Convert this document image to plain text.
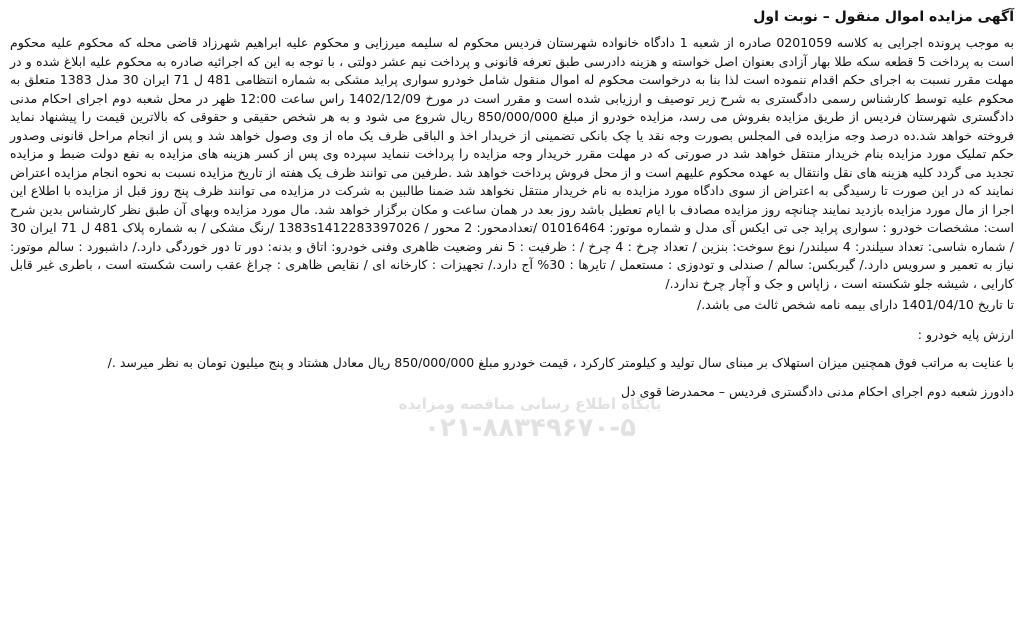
آگهی مزایده اموال منقول – نوبت اول

به موجب پرونده اجرایی به کلاسه 0201059 صادره از شعبه 1 دادگاه خانواده شهرستان فردیس محکوم له سلیمه میرزایی و محکوم علیه ابراهیم شهرزاد قاضی محله که محکوم علیه محکوم است به پرداخت 5 قطعه سکه طلا بهار آزادی بعنوان اصل خواسته و هزینه دادرسی طبق تعرفه قانونی و پرداخت نیم عشر دولتی ، با توجه به این که اجرائیه صادره به محکوم علیه ابلاغ شده و در مهلت مقرر نسبت به اجرای حکم اقدام ننموده است لذا بنا به درخواست محکوم له اموال منقول شامل خودرو سواری پراید مشکی به شماره انتظامی 481 ل 71 ایران 30 مدل 1383 متعلق به محکوم علیه توسط کارشناس رسمی دادگستری به شرح زیر توصیف و ارزیابی شده است و مقرر است در مورخ 1402/12/09 راس ساعت 12:00 ظهر در محل شعبه دوم اجرای احکام مدنی دادگستری شهرستان فردیس از طریق مزایده بفروش می رسد، مزایده خودرو از مبلغ 850/000/000 ریال شروع می شود و به هر شخص حقیقی و حقوقی که بالاترین قیمت را پیشنهاد نماید فروخته خواهد شد.ده درصد وجه مزایده فی المجلس بصورت وجه نقد یا چک بانکی تضمینی از خریدار اخذ و الباقی ظرف یک ماه از وی وصول خواهد شد و پس از انجام مراحل قانونی وصدور حکم تملیک مورد مزایده بنام خریدار منتقل خواهد شد در صورتی که در مهلت مقرر خریدار وجه مزایده را پرداخت ننماید سپرده وی پس از کسر هزینه های مزایده به نفع دولت ضبط و مزایده تجدید می گردد کلیه هزینه های نقل وانتقال به عهده محکوم علیهم است و از محل فروش پرداخت خواهد شد .طرفین می توانند ظرف یک هفته از تاریخ مزایده نسبت به نحوه انجام مزایده اعتراض نمایند که در این صورت تا رسیدگی به اعتراض از سوی دادگاه مورد مزایده به نام خریدار منتقل نخواهد شد ضمنا طالبین به شرکت در مزایده می توانند ظرف پنج روز قبل از مزایده با اطلاع این اجرا از مال مورد مزایده بازدید نمایند چنانچه روز مزایده مصادف با ایام تعطیل باشد روز بعد در همان ساعت و مکان برگزار خواهد شد. مال مورد مزایده وبهای آن طبق نظر کارشناس بدین شرح است: مشخصات خودرو : سواری پراید جی تی ایکس آی مدل و شماره موتور: 01016464 /تعدادمحور: 2 محور / 1383s1412283397026 /رنگ مشکی / به شماره پلاک 481 ل 71 ایران 30 / شماره شاسی: تعداد سیلندر: 4 سیلندر/ نوع سوخت: بنزین / تعداد چرخ : 4 چرخ / : ظرفیت : 5 نفر وضعیت ظاهری وفنی خودرو: اتاق و بدنه: دور تا دور خوردگی دارد./ داشبورد : سالم موتور: نیاز به تعمیر و سرویس دارد./ گیربکس: سالم / صندلی و تودوزی : مستعمل / تایرها : 30% آج دارد./ تجهیزات : کارخانه ای / نقایص ظاهری : چراغ عقب راست شکسته است ، باطری غیر قابل کارایی ، شیشه جلو شکسته است ، زاپاس و جک و آچار چرخ ندارد./

تا تاریخ 1401/04/10 دارای بیمه نامه شخص ثالث می باشد./
ارزش پایه خودرو :

با عنایت به مراتب فوق همچنین میزان استهلاک بر مبنای سال تولید و کیلومتر کارکرد ، قیمت خودرو مبلغ 850/000/000 ریال معادل هشتاد و پنج میلیون تومان به نظر میرسد ./

دادورز شعبه دوم اجرای احکام مدنی دادگستری فردیس – محمدرضا قوی دل
پایگاه اطلاع رسانی مناقصه ومزایده
۰۲۱-۸۸۳۴۹۶۷۰-۵
